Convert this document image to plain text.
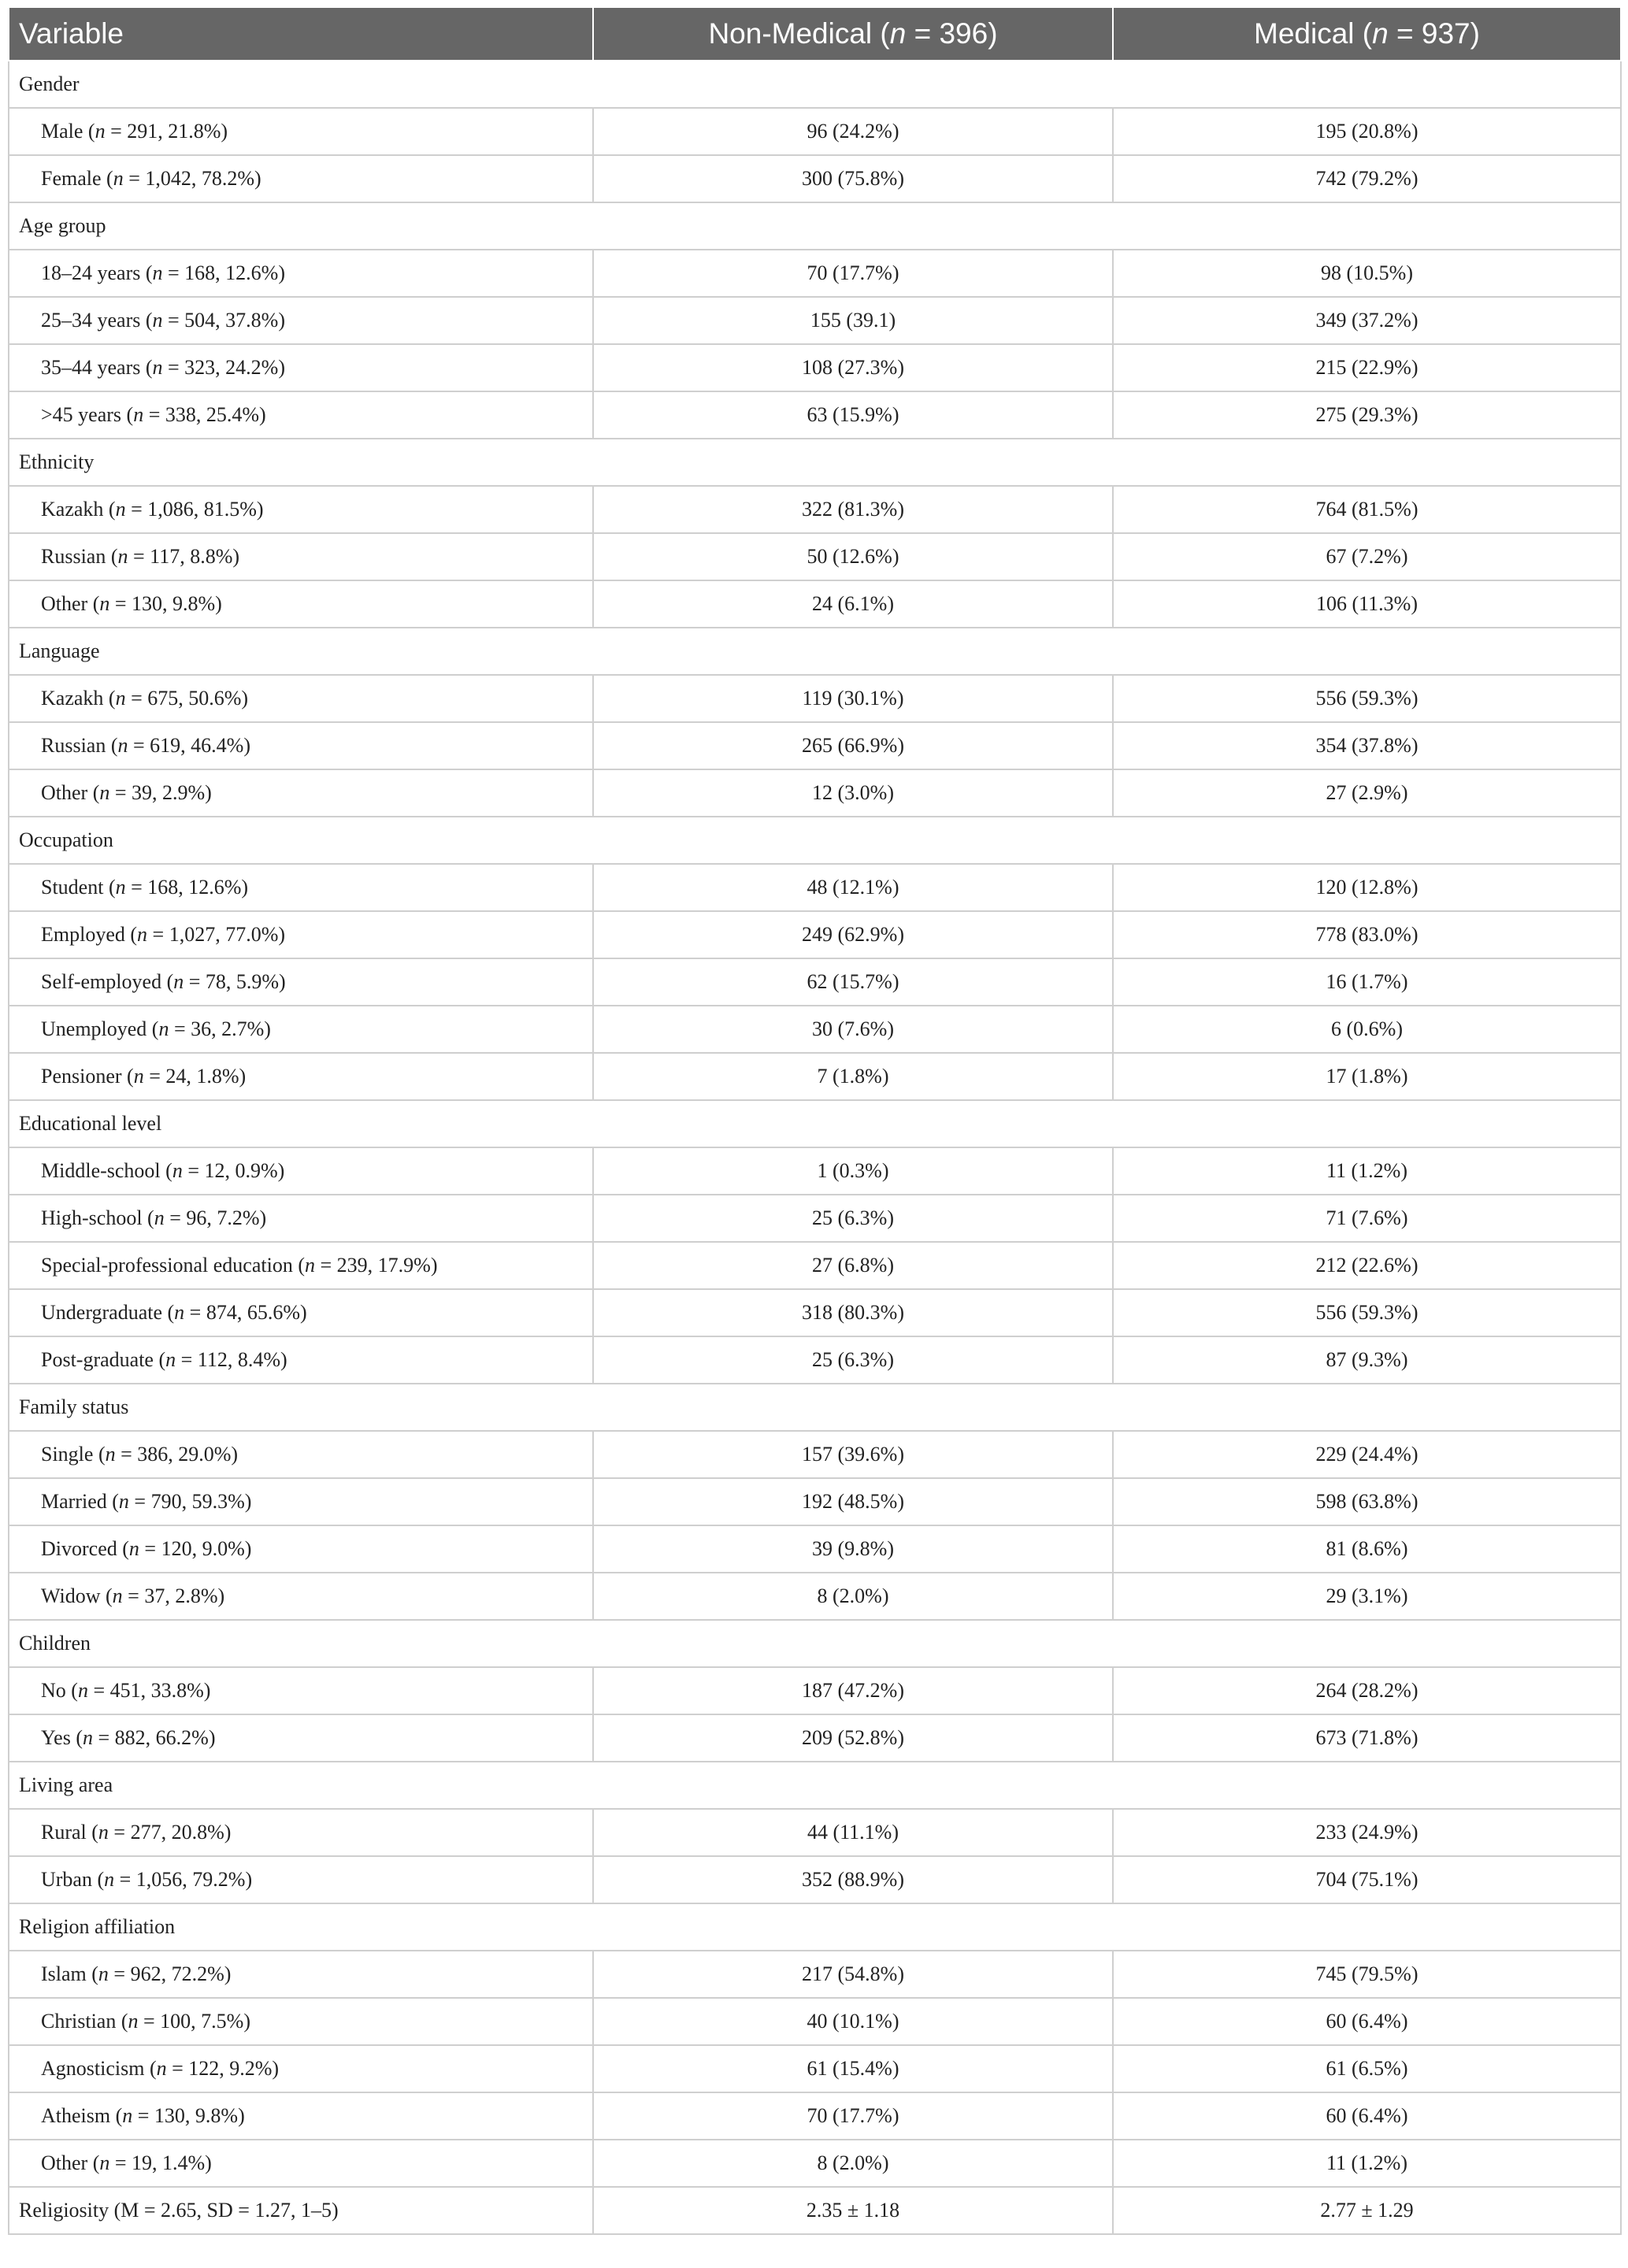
Variable	Non-Medical (n = 396)	Medical (n = 937)
Gender		
Male (n = 291, 21.8%)	96 (24.2%)	195 (20.8%)
Female (n = 1,042, 78.2%)	300 (75.8%)	742 (79.2%)
Age group		
18–24 years (n = 168, 12.6%)	70 (17.7%)	98 (10.5%)
25–34 years (n = 504, 37.8%)	155 (39.1)	349 (37.2%)
35–44 years (n = 323, 24.2%)	108 (27.3%)	215 (22.9%)
>45 years (n = 338, 25.4%)	63 (15.9%)	275 (29.3%)
Ethnicity		
Kazakh (n = 1,086, 81.5%)	322 (81.3%)	764 (81.5%)
Russian (n = 117, 8.8%)	50 (12.6%)	67 (7.2%)
Other (n = 130, 9.8%)	24 (6.1%)	106 (11.3%)
Language		
Kazakh (n = 675, 50.6%)	119 (30.1%)	556 (59.3%)
Russian (n = 619, 46.4%)	265 (66.9%)	354 (37.8%)
Other (n = 39, 2.9%)	12 (3.0%)	27 (2.9%)
Occupation		
Student (n = 168, 12.6%)	48 (12.1%)	120 (12.8%)
Employed (n = 1,027, 77.0%)	249 (62.9%)	778 (83.0%)
Self-employed (n = 78, 5.9%)	62 (15.7%)	16 (1.7%)
Unemployed (n = 36, 2.7%)	30 (7.6%)	6 (0.6%)
Pensioner (n = 24, 1.8%)	7 (1.8%)	17 (1.8%)
Educational level		
Middle-school (n = 12, 0.9%)	1 (0.3%)	11 (1.2%)
High-school (n = 96, 7.2%)	25 (6.3%)	71 (7.6%)
Special-professional education (n = 239, 17.9%)	27 (6.8%)	212 (22.6%)
Undergraduate (n = 874, 65.6%)	318 (80.3%)	556 (59.3%)
Post-graduate (n = 112, 8.4%)	25 (6.3%)	87 (9.3%)
Family status		
Single (n = 386, 29.0%)	157 (39.6%)	229 (24.4%)
Married (n = 790, 59.3%)	192 (48.5%)	598 (63.8%)
Divorced (n = 120, 9.0%)	39 (9.8%)	81 (8.6%)
Widow (n = 37, 2.8%)	8 (2.0%)	29 (3.1%)
Children		
No (n = 451, 33.8%)	187 (47.2%)	264 (28.2%)
Yes (n = 882, 66.2%)	209 (52.8%)	673 (71.8%)
Living area		
Rural (n = 277, 20.8%)	44 (11.1%)	233 (24.9%)
Urban (n = 1,056, 79.2%)	352 (88.9%)	704 (75.1%)
Religion affiliation		
Islam (n = 962, 72.2%)	217 (54.8%)	745 (79.5%)
Christian (n = 100, 7.5%)	40 (10.1%)	60 (6.4%)
Agnosticism (n = 122, 9.2%)	61 (15.4%)	61 (6.5%)
Atheism (n = 130, 9.8%)	70 (17.7%)	60 (6.4%)
Other (n = 19, 1.4%)	8 (2.0%)	11 (1.2%)
Religiosity (M = 2.65, SD = 1.27, 1–5)	2.35 ± 1.18	2.77 ± 1.29
